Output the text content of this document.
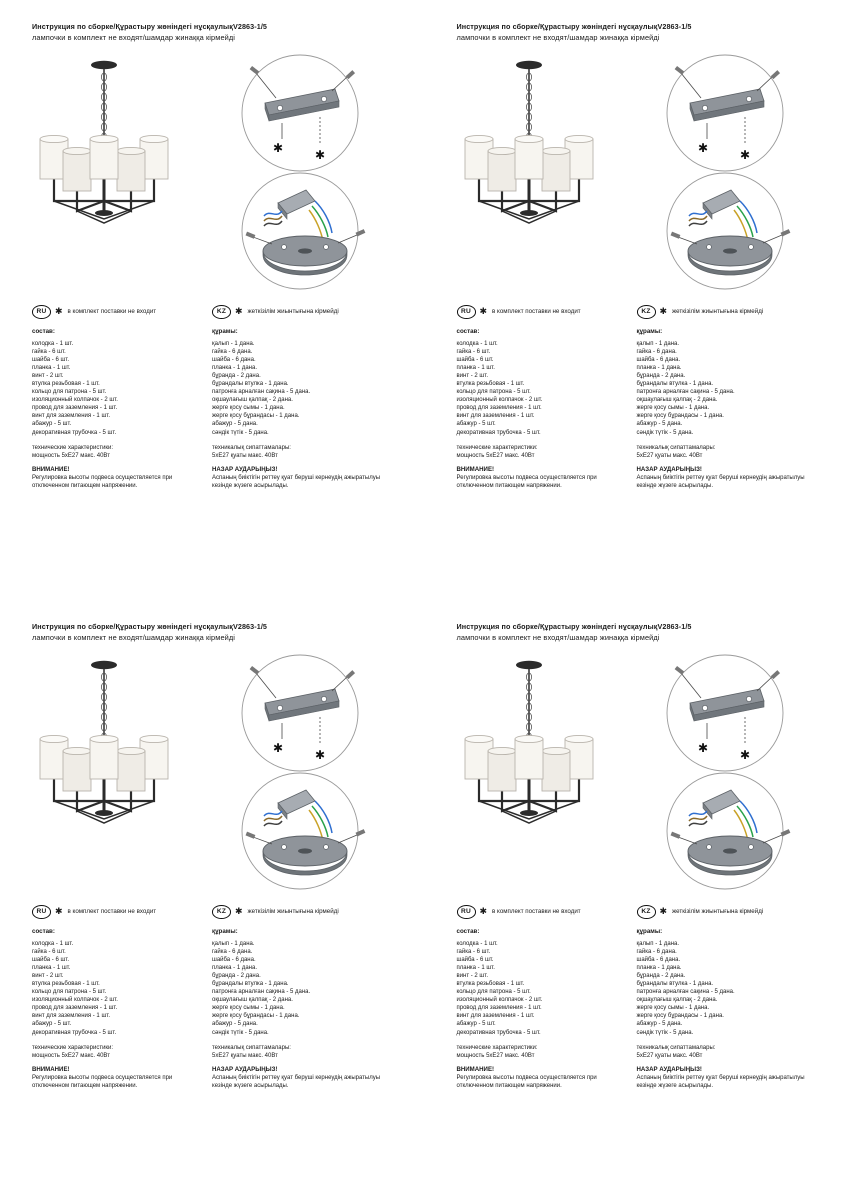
Инструкция по сборке/Құрастыру жөніндегі нұсқаулықV2863-1/5
лампочки в комплект не входят/шамдар жинаққа кірмейді
✱	✱
RU ✱ в комплект поставки не входит	KZ ✱ жеткізілім жиынтығына кірмейді
состав:
колодка - 1 шт.
гайка - 6 шт.
шайба - 6 шт.
планка - 1 шт.
винт - 2 шт.
втулка резьбовая - 1 шт.
кольцо для патрона - 5 шт.
изоляционный колпачок - 2 шт.
провод для заземления - 1 шт.
винт для заземления - 1 шт.
абажур - 5 шт.
декоративная трубочка - 5 шт.
технические характеристики:
мощность 5хЕ27 макс. 40Вт
ВНИМАНИЕ!
Регулировка высоты подвеса осуществляется при отключенном питающем напряжении.
құрамы:
қалып - 1 дана.
гайка - 6 дана.
шайба - 6 дана.
планка - 1 дана.
бұранда - 2 дана.
бұрандалы втулка - 1 дана.
патронға арналған сақина - 5 дана.
оқшаулағыш қалпақ - 2 дана.
жерге қосу сымы - 1 дана.
жерге қосу бұрандасы - 1 дана.
абажур - 5 дана.
сәндік түтік - 5 дана.
техникалық сипаттамалары:
5хЕ27 қуаты макс. 40Вт
НАЗАР АУДАРЫҢЫЗ!
Аспаның биіктігін реттеу қуат беруші кернеудің ажыратылуы кезінде жүзеге асырылады.
Инструкция по сборке/Құрастыру жөніндегі нұсқаулықV2863-1/5
лампочки в комплект не входят/шамдар жинаққа кірмейді
✱	✱
RU ✱ в комплект поставки не входит	KZ ✱ жеткізілім жиынтығына кірмейді
состав:
колодка - 1 шт.
гайка - 6 шт.
шайба - 6 шт.
планка - 1 шт.
винт - 2 шт.
втулка резьбовая - 1 шт.
кольцо для патрона - 5 шт.
изоляционный колпачок - 2 шт.
провод для заземления - 1 шт.
винт для заземления - 1 шт.
абажур - 5 шт.
декоративная трубочка - 5 шт.
технические характеристики:
мощность 5хЕ27 макс. 40Вт
ВНИМАНИЕ!
Регулировка высоты подвеса осуществляется при отключенном питающем напряжении.
құрамы:
қалып - 1 дана.
гайка - 6 дана.
шайба - 6 дана.
планка - 1 дана.
бұранда - 2 дана.
бұрандалы втулка - 1 дана.
патронға арналған сақина - 5 дана.
оқшаулағыш қалпақ - 2 дана.
жерге қосу сымы - 1 дана.
жерге қосу бұрандасы - 1 дана.
абажур - 5 дана.
сәндік түтік - 5 дана.
техникалық сипаттамалары:
5хЕ27 қуаты макс. 40Вт
НАЗАР АУДАРЫҢЫЗ!
Аспаның биіктігін реттеу қуат беруші кернеудің ажыратылуы кезінде жүзеге асырылады.
Инструкция по сборке/Құрастыру жөніндегі нұсқаулықV2863-1/5
лампочки в комплект не входят/шамдар жинаққа кірмейді
✱	✱
RU ✱ в комплект поставки не входит	KZ ✱ жеткізілім жиынтығына кірмейді
состав:
колодка - 1 шт.
гайка - 6 шт.
шайба - 6 шт.
планка - 1 шт.
винт - 2 шт.
втулка резьбовая - 1 шт.
кольцо для патрона - 5 шт.
изоляционный колпачок - 2 шт.
провод для заземления - 1 шт.
винт для заземления - 1 шт.
абажур - 5 шт.
декоративная трубочка - 5 шт.
технические характеристики:
мощность 5хЕ27 макс. 40Вт
ВНИМАНИЕ!
Регулировка высоты подвеса осуществляется при отключенном питающем напряжении.
құрамы:
қалып - 1 дана.
гайка - 6 дана.
шайба - 6 дана.
планка - 1 дана.
бұранда - 2 дана.
бұрандалы втулка - 1 дана.
патронға арналған сақина - 5 дана.
оқшаулағыш қалпақ - 2 дана.
жерге қосу сымы - 1 дана.
жерге қосу бұрандасы - 1 дана.
абажур - 5 дана.
сәндік түтік - 5 дана.
техникалық сипаттамалары:
5хЕ27 қуаты макс. 40Вт
НАЗАР АУДАРЫҢЫЗ!
Аспаның биіктігін реттеу қуат беруші кернеудің ажыратылуы кезінде жүзеге асырылады.
Инструкция по сборке/Құрастыру жөніндегі нұсқаулықV2863-1/5
лампочки в комплект не входят/шамдар жинаққа кірмейді
✱	✱
RU ✱ в комплект поставки не входит	KZ ✱ жеткізілім жиынтығына кірмейді
состав:
колодка - 1 шт.
гайка - 6 шт.
шайба - 6 шт.
планка - 1 шт.
винт - 2 шт.
втулка резьбовая - 1 шт.
кольцо для патрона - 5 шт.
изоляционный колпачок - 2 шт.
провод для заземления - 1 шт.
винт для заземления - 1 шт.
абажур - 5 шт.
декоративная трубочка - 5 шт.
технические характеристики:
мощность 5хЕ27 макс. 40Вт
ВНИМАНИЕ!
Регулировка высоты подвеса осуществляется при отключенном питающем напряжении.
құрамы:
қалып - 1 дана.
гайка - 6 дана.
шайба - 6 дана.
планка - 1 дана.
бұранда - 2 дана.
бұрандалы втулка - 1 дана.
патронға арналған сақина - 5 дана.
оқшаулағыш қалпақ - 2 дана.
жерге қосу сымы - 1 дана.
жерге қосу бұрандасы - 1 дана.
абажур - 5 дана.
сәндік түтік - 5 дана.
техникалық сипаттамалары:
5хЕ27 қуаты макс. 40Вт
НАЗАР АУДАРЫҢЫЗ!
Аспаның биіктігін реттеу қуат беруші кернеудің ажыратылуы кезінде жүзеге асырылады.
